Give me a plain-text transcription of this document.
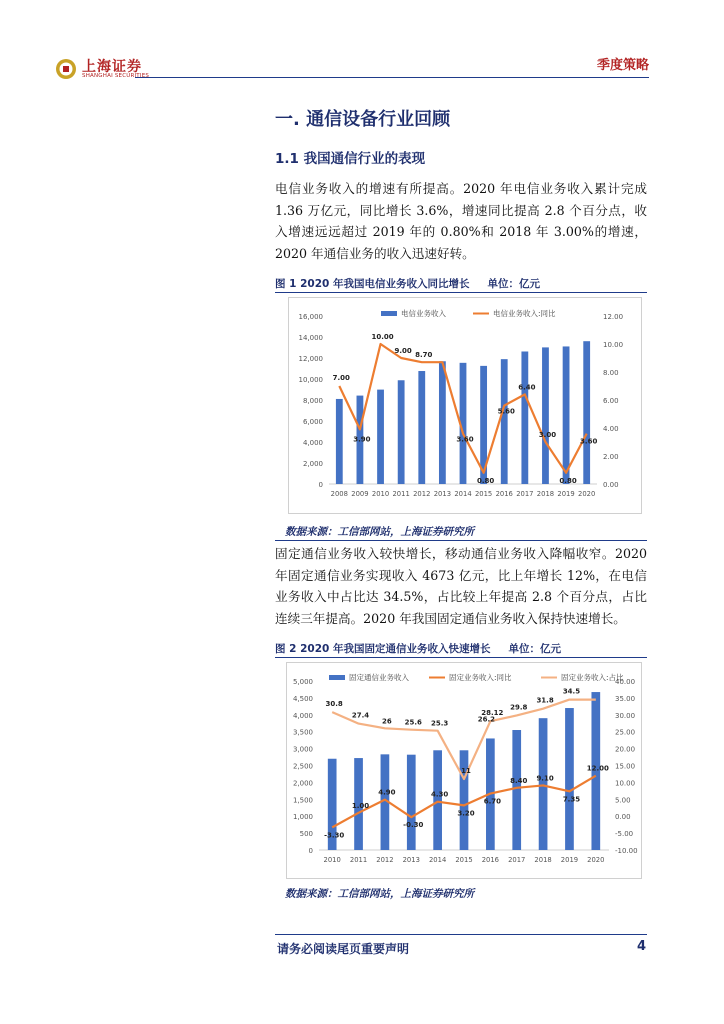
上海证券
SHANGHAI SECURITIES
季度策略
一. 通信设备行业回顾
1.1 我国通信行业的表现
电信业务收入的增速有所提高。2020 年电信业务收入累计完成 1.36 万亿元，同比增长 3.6%，增速同比提高 2.8 个百分点，收入增速远远超过 2019 年的 0.80%和 2018 年 3.00%的增速，2020 年通信业务的收入迅速好转。
图 1 2020 年我国电信业务收入同比增长 单位：亿元
0
2,000
4,000
6,000
8,000
10,000
12,000
14,000
16,000
0.00
2.00
4.00
6.00
8.00
10.00
12.00
2008 2009 2010 2011 2012 2013 2014 2015 2016 2017 2018 2019 2020
7.00
3.90
10.00
9.00
8.70
3.60
0.80
5.60
6.40
3.00
0.80
3.60
电信业务收入	电信业务收入:同比
数据来源：工信部网站，上海证券研究所
固定通信业务收入较快增长，移动通信业务收入降幅收窄。2020 年固定通信业务实现收入 4673 亿元，比上年增长 12%，在电信业务收入中占比达 34.5%，占比较上年提高 2.8 个百分点，占比连续三年提高。2020 年我国固定通信业务收入保持快速增长。
图 2 2020 年我国固定通信业务收入快速增长 单位：亿元
0
500
1,000
1,500
2,000
2,500
3,000
3,500
4,000
4,500
5,000
-10.00
-5.00
0.00
5.00
10.00
15.00
20.00
25.00
30.00
35.00
40.00
2010 2011 2012 2013 2014 2015 2016 2017 2018 2019 2020
-3.30
1.00
4.90
-0.30
4.30
3.20
6.70
8.40 9.10
7.35
12.00
30.8
27.4
26 25.6 25.3
11
28.12
29.8
31.8
34.5
固定通信业务收入	固定业务收入:同比	固定业务收入:占比
26.2
数据来源：工信部网站，上海证券研究所
请务必阅读尾页重要声明	4
